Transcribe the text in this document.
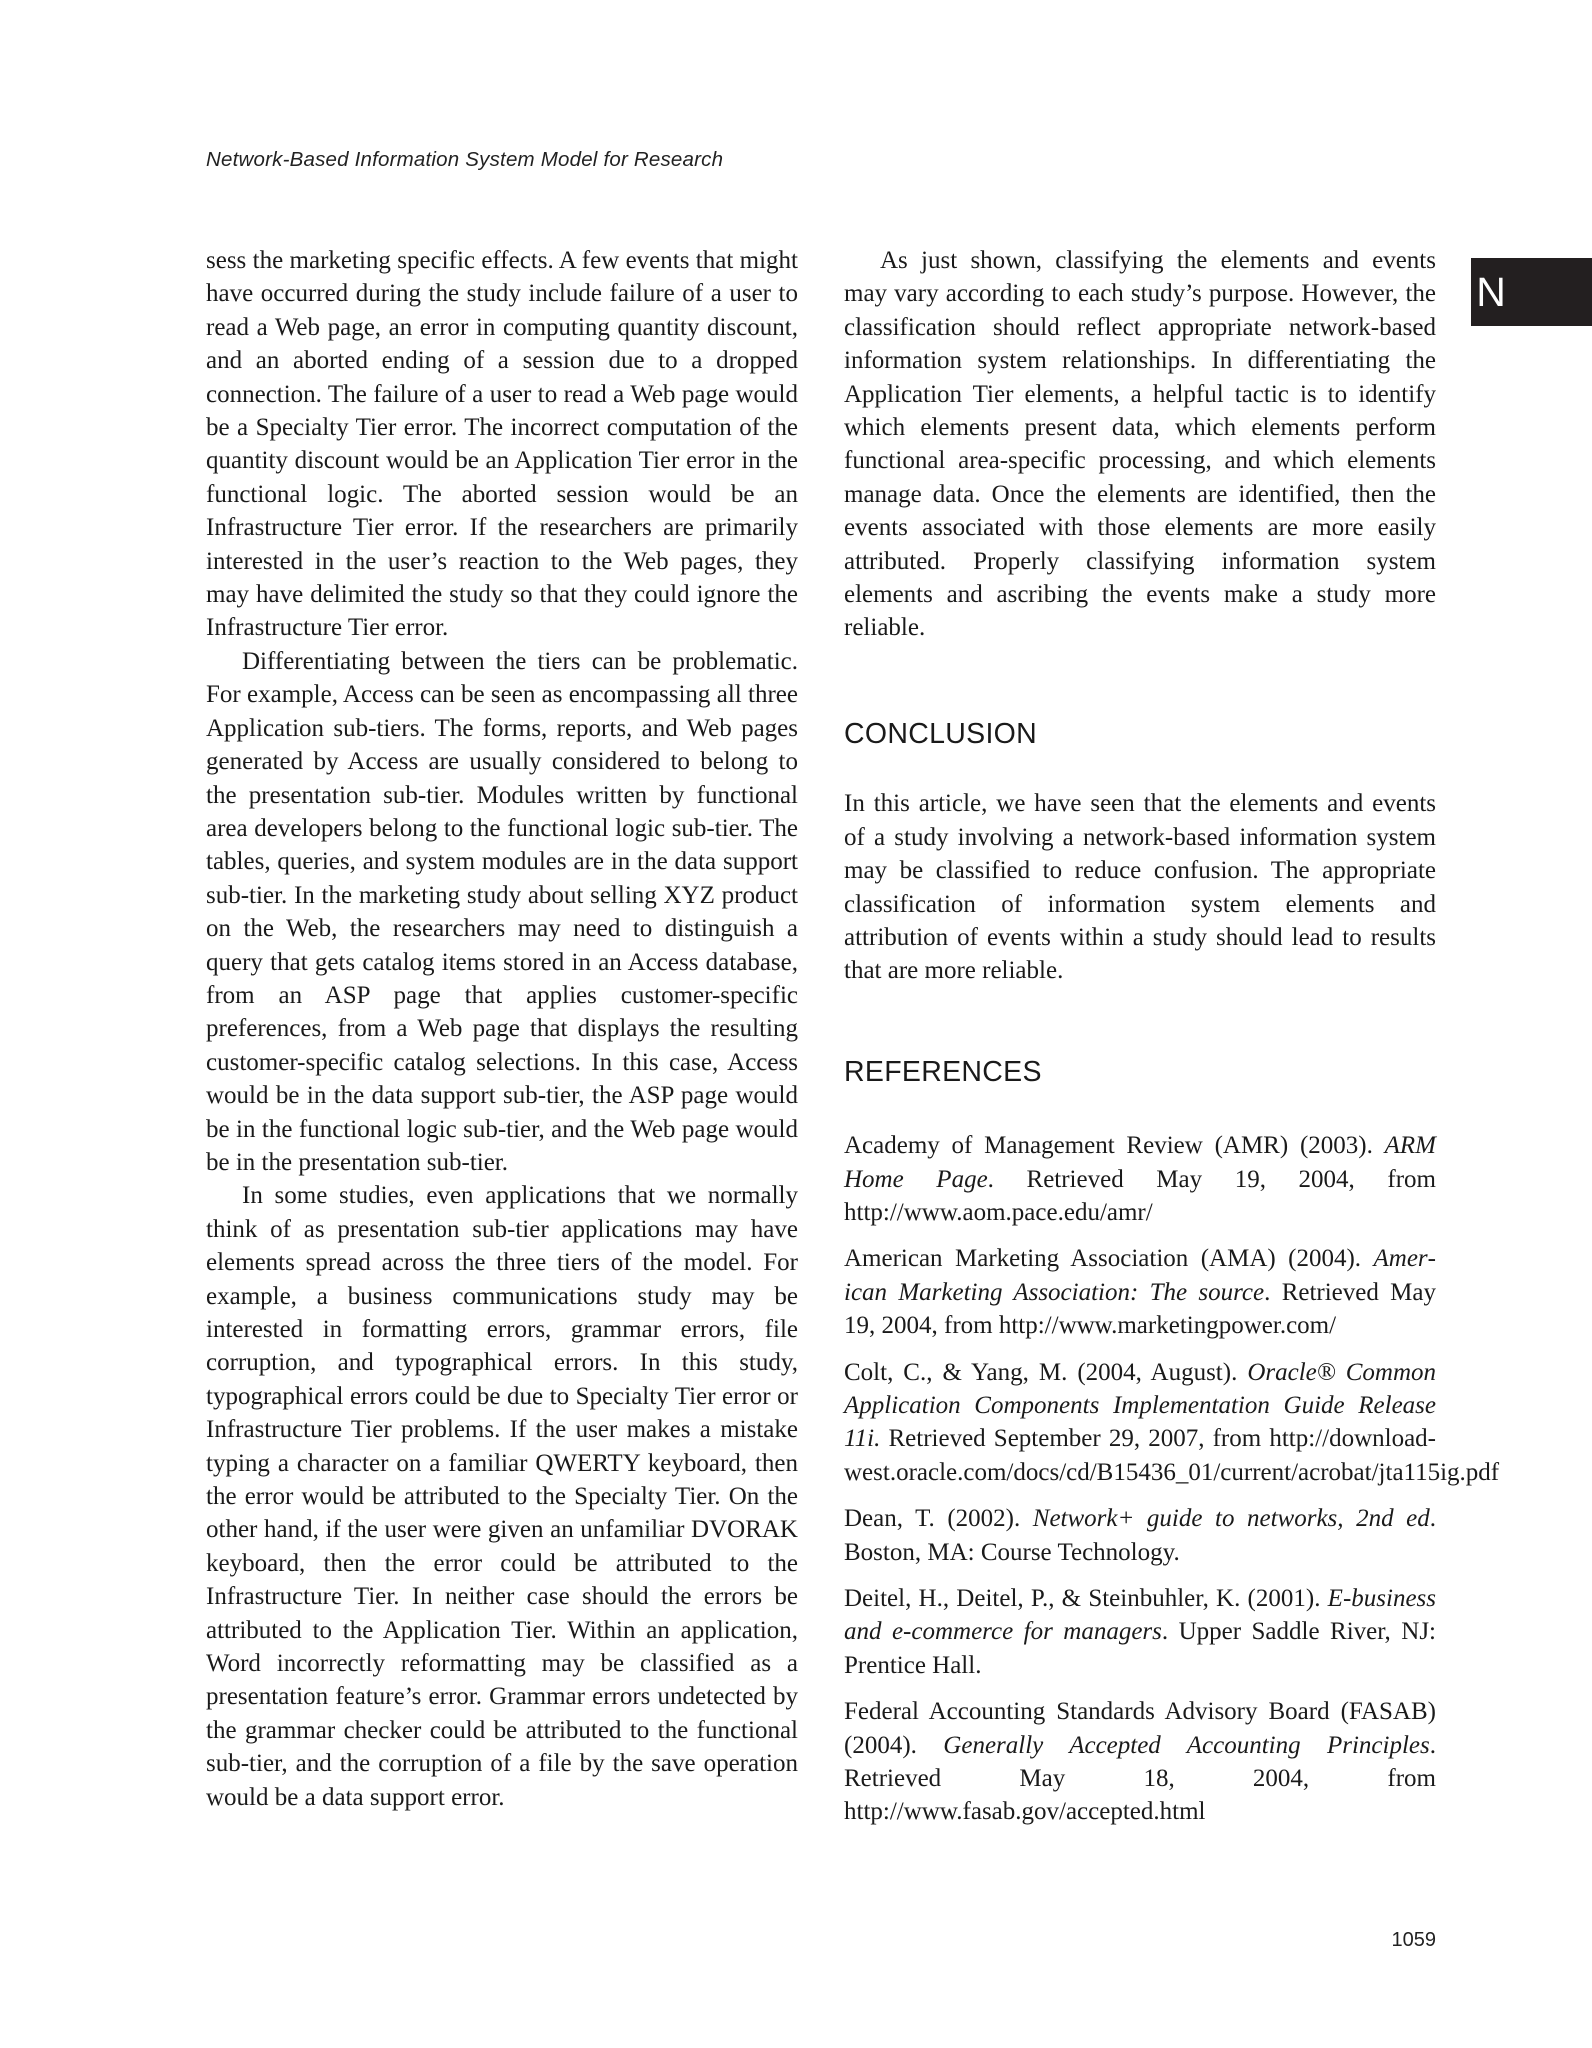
Network-Based Information System Model for Research
N

sess the marketing specific effects. A few events that might have occurred during the study include failure of a user to read a Web page, an error in computing quantity discount, and an aborted ending of a session due to a dropped connection. The failure of a user to read a Web page would be a Specialty Tier error. The incorrect computation of the quantity discount would be an Application Tier error in the functional logic. The aborted session would be an Infrastructure Tier error. If the researchers are primarily interested in the user’s reaction to the Web pages, they may have delimited the study so that they could ignore the Infrastructure Tier error.

Differentiating between the tiers can be problematic. For example, Access can be seen as encompassing all three Application sub-tiers. The forms, reports, and Web pages generated by Access are usually considered to belong to the presentation sub-tier. Modules written by functional area developers belong to the functional logic sub-tier. The tables, queries, and system modules are in the data support sub-tier. In the marketing study about selling XYZ product on the Web, the researchers may need to distinguish a query that gets catalog items stored in an Access database, from an ASP page that applies customer-specific preferences, from a Web page that displays the resulting customer-specific catalog selections. In this case, Access would be in the data support sub-tier, the ASP page would be in the functional logic sub-tier, and the Web page would be in the presentation sub-tier.

In some studies, even applications that we normally think of as presentation sub-tier applications may have elements spread across the three tiers of the model. For example, a business communications study may be interested in formatting errors, grammar errors, file corruption, and typographical errors. In this study, typographical errors could be due to Specialty Tier error or Infrastructure Tier problems. If the user makes a mistake typing a character on a familiar QWERTY keyboard, then the error would be attributed to the Specialty Tier. On the other hand, if the user were given an unfamiliar DVORAK keyboard, then the error could be attributed to the Infrastructure Tier. In neither case should the errors be attributed to the Application Tier. Within an application, Word incorrectly reformatting may be classified as a presentation feature’s error. Grammar errors undetected by the grammar checker could be attributed to the functional sub-tier, and the corruption of a file by the save operation would be a data support error.

As just shown, classifying the elements and events may vary according to each study’s purpose. However, the classification should reflect appropriate network-based information system relationships. In differentiating the Application Tier elements, a helpful tactic is to identify which elements present data, which elements perform functional area-specific processing, and which elements manage data. Once the elements are identified, then the events associated with those elements are more easily attributed. Properly classifying information system elements and ascribing the events make a study more reliable.

CONCLUSION

In this article, we have seen that the elements and events of a study involving a network-based information system may be classified to reduce confusion. The appropriate classification of information system elements and attribution of events within a study should lead to results that are more reliable.

REFERENCES

Academy of Management Review (AMR) (2003). ARM Home Page. Retrieved May 19, 2004, from http://www.aom.pace.edu/amr/

American Marketing Association (AMA) (2004). American Marketing Association: The source. Retrieved May 19, 2004, from http://www.marketingpower.com/

Colt, C., & Yang, M. (2004, August). Oracle® Common Application Components Implementation Guide Release 11i. Retrieved September 29, 2007, from http://download-west.oracle.com/docs/cd/B15436_01/current/acrobat/jta115ig.pdf

Dean, T. (2002). Network+ guide to networks, 2nd ed. Boston, MA: Course Technology.

Deitel, H., Deitel, P., & Steinbuhler, K. (2001). E-business and e-commerce for managers. Upper Saddle River, NJ: Prentice Hall.

Federal Accounting Standards Advisory Board (FASAB) (2004). Generally Accepted Accounting Principles. Retrieved May 18, 2004, from http://www.fasab.gov/accepted.html

1059
